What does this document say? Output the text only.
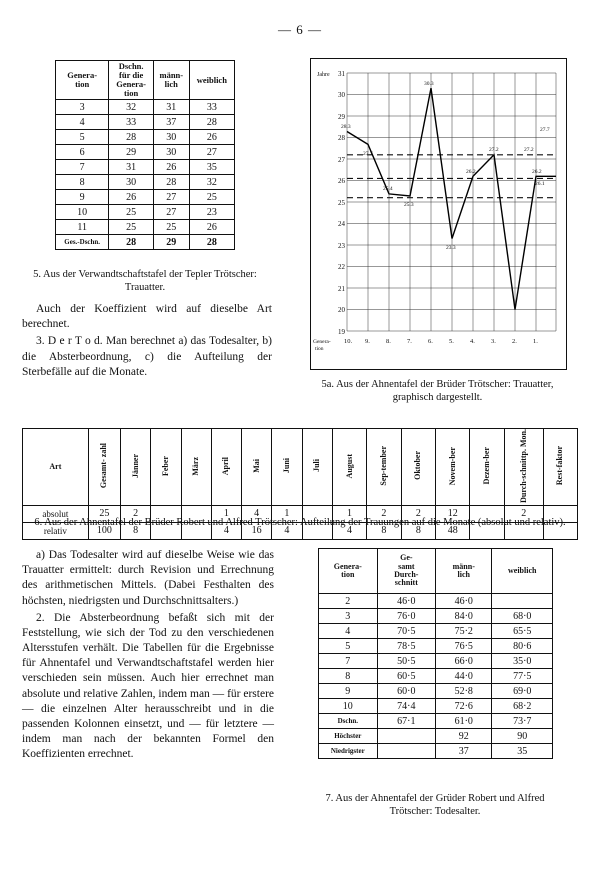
— 6 —
Genera-
tion

Dschn.
für die
Genera-
tion

männ-
lich	weiblich

3	32	31	33
4	33	37	28
5	28	30	26
6	29	30	27
7	31	26	35
8	30	28	32
9	26	27	25
10	25	27	23
11	25	25	26
Ges.-Dschn.	28	29	28
5. Aus der Verwandtschaftstafel der Tepler Trötscher: Trauatter.

Auch der Koeffizient wird auf dieselbe Art berechnet.

3. D e r T o d. Man berechnet a) das Todesalter, b) die Absterbeordnung, c) die Aufteilung der Sterbefälle auf die Monate.

31
30
29
28
27
26
25
24
23
22
21
20
19
Jahre
Genera-
tion
10. 9. 8. 7. 6. 5. 4. 3. 2. 1.
28.3
27.7
25.4
25.3
30.3
23.3
26.2
27.2	27.2
26.2
26.1
27.7
5a. Aus der Ahnentafel der Brüder Trötscher: Trauatter, graphisch dargestellt.
Art	Gesamt- zahl	Jänner	Feber	März	April	Mai	Juni	Juli	August	Sep-tember	Oktober	Novem-ber	Dezem-ber	Durch-schnittp. Mon.	Rest-faktor
absolut	25	2			1	4	1		1	2	2	12		2	
relativ	100	8			4	16	4		4	8	8	48			
6. Aus der Ahnentafel der Brüder Robert und Alfred Trötscher: Aufteilung der Trauungen auf die Monate (absolut und relativ).

a) Das Todesalter wird auf dieselbe Weise wie das Trauatter ermittelt: durch Revision und Errechnung des arithmetischen Mittels. (Dabei Festhalten des höchsten, niedrigsten und Durchschnittsalters.)

2. Die Absterbeordnung befaßt sich mit der Feststellung, wie sich der Tod zu den verschiedenen Altersstufen verhält. Die Tabellen für die Ergebnisse für Ahnentafel und Verwandtschaftstafel werden hier verschieden sein müssen. Auch hier errechnet man absolute und relative Zahlen, indem man — für erstere — die einzelnen Alter herausschreibt und in die passenden Kolonnen einsetzt, und — für letztere — indem man nach der bekannten Formel den Koeffizienten errechnet.

Genera-
tion

Ge-
samt
Durch-
schnitt

männ-
lich	weiblich

2	46·0	46·0	
3	76·0	84·0	68·0
4	70·5	75·2	65·5
5	78·5	76·5	80·6
7	50·5	66·0	35·0
8	60·5	44·0	77·5
9	60·0	52·8	69·0
10	74·4	72·6	68·2
Dschn.	67·1	61·0	73·7
Höchster		92	90
Niedrigster		37	35
7. Aus der Ahnentafel der Grüder Robert und Alfred Trötscher: Todesalter.
